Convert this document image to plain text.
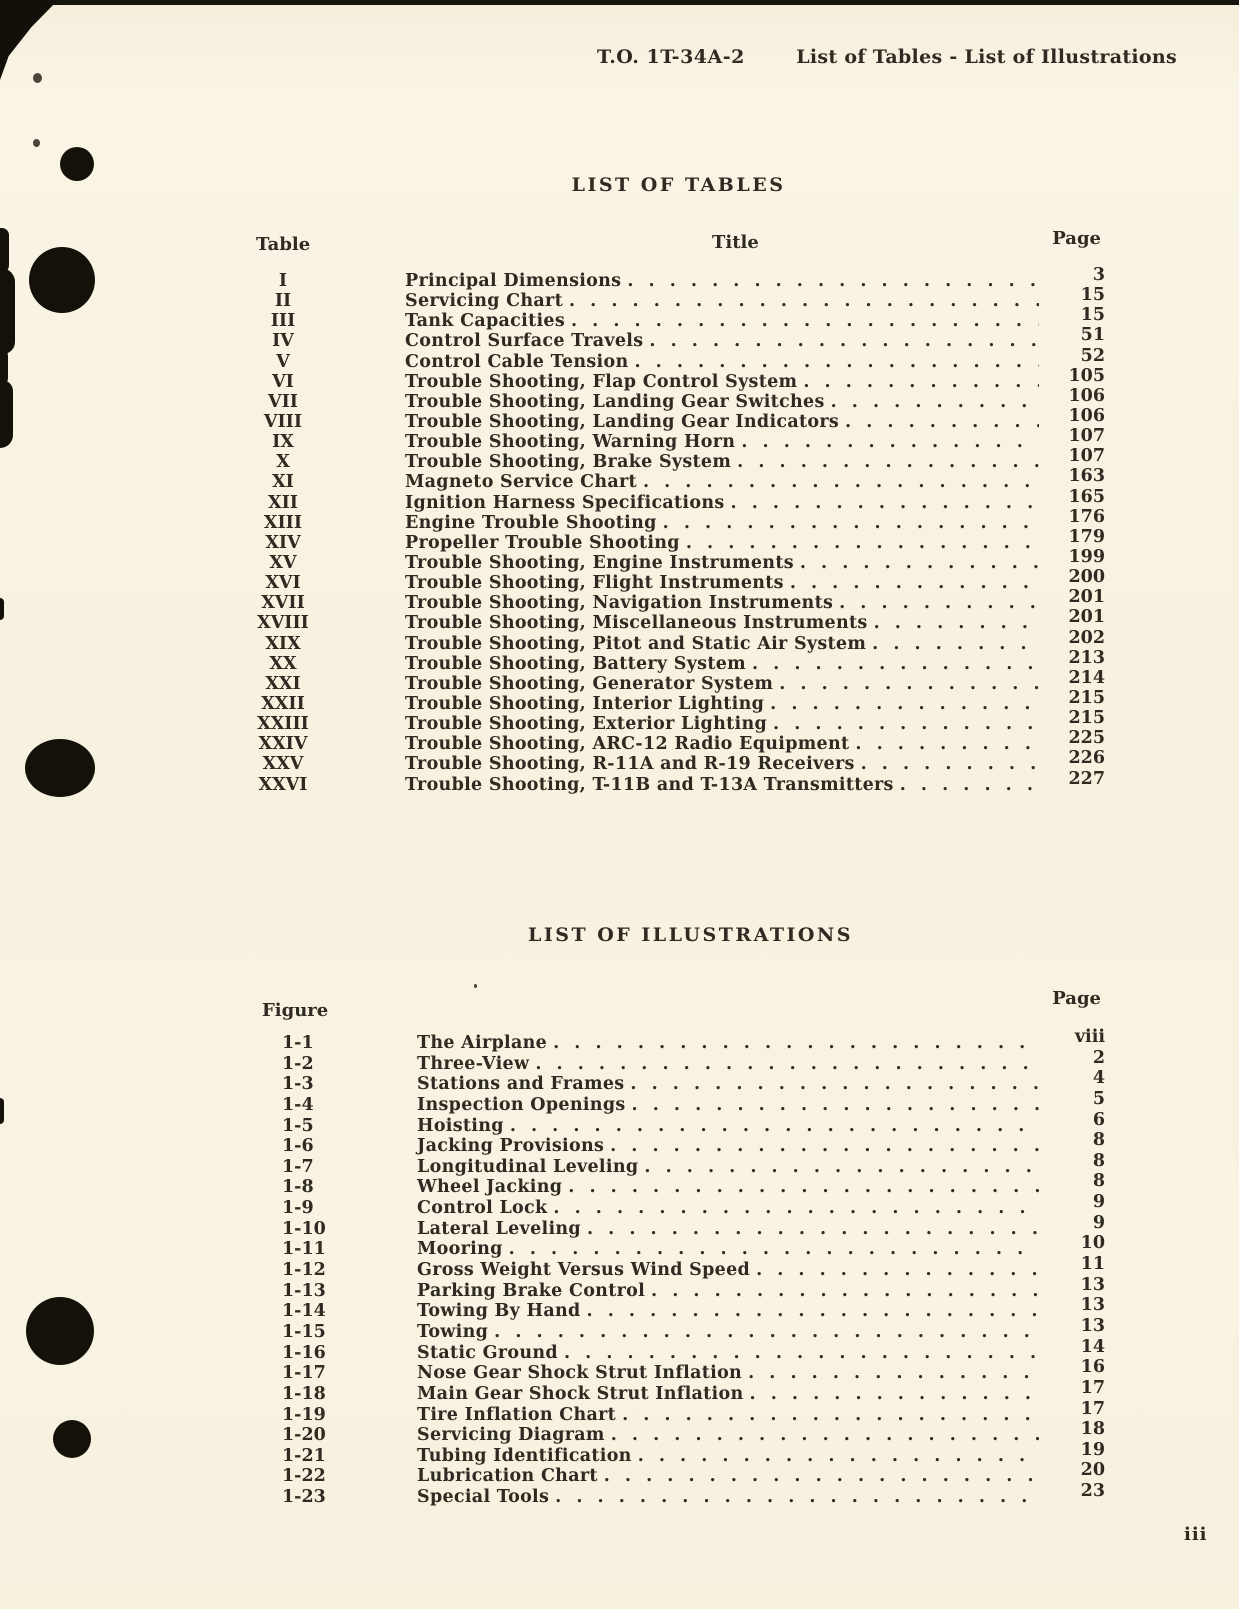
T.O. 1T-34A-2	List of Tables - List of Illustrations
LIST OF TABLES
Table	Title	Page
I	Principal Dimensions . . .	3
II	Servicing Chart . . .	15
III	Tank Capacities . . .	15
IV	Control Surface Travels . . .	51
V	Control Cable Tension . . .	52
VI	Trouble Shooting, Flap Control System . . .	105
VII	Trouble Shooting, Landing Gear Switches . . .	106
VIII	Trouble Shooting, Landing Gear Indicators . . .	106
IX	Trouble Shooting, Warning Horn . . .	107
X	Trouble Shooting, Brake System . . .	107
XI	Magneto Service Chart . . .	163
XII	Ignition Harness Specifications . . .	165
XIII	Engine Trouble Shooting . . .	176
XIV	Propeller Trouble Shooting . . .	179
XV	Trouble Shooting, Engine Instruments . . .	199
XVI	Trouble Shooting, Flight Instruments . . .	200
XVII	Trouble Shooting, Navigation Instruments . . .	201
XVIII	Trouble Shooting, Miscellaneous Instruments . . .	201
XIX	Trouble Shooting, Pitot and Static Air System . . .	202
XX	Trouble Shooting, Battery System . . .	213
XXI	Trouble Shooting, Generator System . . .	214
XXII	Trouble Shooting, Interior Lighting . . .	215
XXIII	Trouble Shooting, Exterior Lighting . . .	215
XXIV	Trouble Shooting, ARC-12 Radio Equipment . . .	225
XXV	Trouble Shooting, R-11A and R-19 Receivers . . .	226
XXVI	Trouble Shooting, T-11B and T-13A Transmitters . . .	227
LIST OF ILLUSTRATIONS
Figure
Page
1-1	The Airplane . . .	viii
1-2	Three-View . . .	2
1-3	Stations and Frames . . .	4
1-4	Inspection Openings . . .	5
1-5	Hoisting . . .	6
1-6	Jacking Provisions . . .	8
1-7	Longitudinal Leveling . . .	8
1-8	Wheel Jacking . . .	8
1-9	Control Lock . . .	9
1-10	Lateral Leveling . . .	9
1-11	Mooring . . .	10
1-12	Gross Weight Versus Wind Speed . . .	11
1-13	Parking Brake Control . . .	13
1-14	Towing By Hand . . .	13
1-15	Towing . . .	13
1-16	Static Ground . . .	14
1-17	Nose Gear Shock Strut Inflation . . .	16
1-18	Main Gear Shock Strut Inflation . . .	17
1-19	Tire Inflation Chart . . .	17
1-20	Servicing Diagram . . .	18
1-21	Tubing Identification . . .	19
1-22	Lubrication Chart . . .	20
1-23	Special Tools . . .	23
iii
